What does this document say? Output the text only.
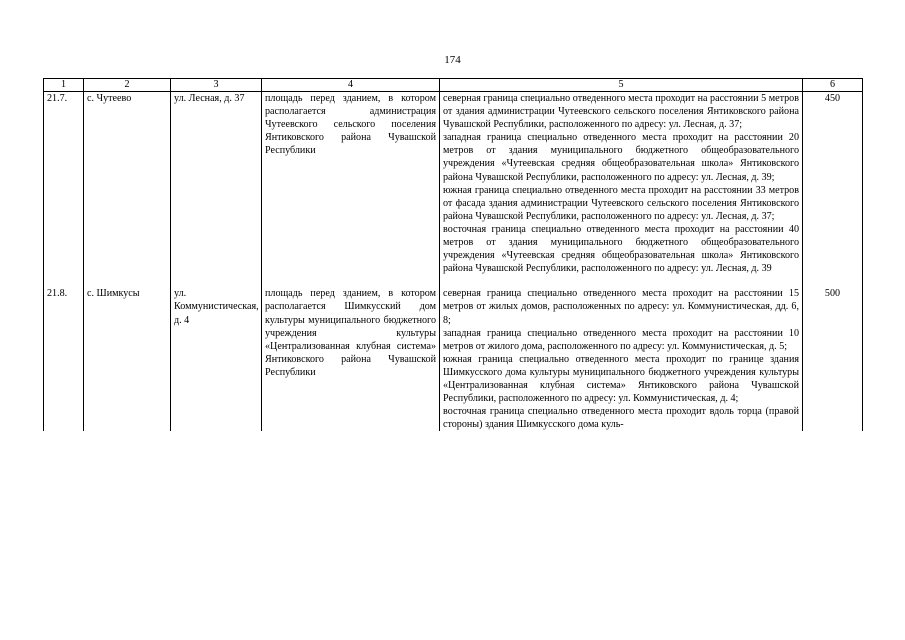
174
1	2	3	4	5	6
21.7.	с. Чутеево	ул. Лесная, д. 37	площадь перед зданием, в котором располагается администрация Чутеевского сельского поселения Янтиковского района Чувашской Республики	северная граница специально отведенного места проходит на расстоянии 5 метров от здания администрации Чутеевского сельского поселения Янтиковского района Чувашской Республики, расположенного по адресу: ул. Лесная, д. 37;
западная граница специально отведенного места проходит на расстоянии 20 метров от здания муниципального бюджетного общеобразовательного учреждения «Чутеевская средняя общеобразовательная школа» Янтиковского района Чувашской Республики, расположенного по адресу: ул. Лесная, д. 39;
южная граница специально отведенного места проходит на расстоянии 33 метров от фасада здания администрации Чутеевского сельского поселения Янтиковского района Чувашской Республики, расположенного по адресу: ул. Лесная, д. 37;
восточная граница специально отведенного места проходит на расстоянии 40 метров от здания муниципального бюджетного общеобразовательного учреждения «Чутеевская средняя общеобразовательная школа» Янтиковского района Чувашской Республики, расположенного по адресу: ул. Лесная, д. 39	450

21.8.	с. Шимкусы	ул. Коммунистическая, д. 4	площадь перед зданием, в котором располагается Шимкусский дом культуры муниципального бюджетного учреждения культуры «Централизованная клубная система» Янтиковского района Чувашской Республики	северная граница специально отведенного места проходит на расстоянии 15 метров от жилых домов, расположенных по адресу: ул. Коммунистическая, дд. 6, 8;
западная граница специально отведенного места проходит на расстоянии 10 метров от жилого дома, расположенного по адресу: ул. Коммунистическая, д. 5;
южная граница специально отведенного места проходит по границе здания Шимкусского дома культуры муниципального бюджетного учреждения культуры «Централизованная клубная система» Янтиковского района Чувашской Республики, расположенного по адресу: ул. Коммунистическая, д. 4;
восточная граница специально отведенного места проходит вдоль торца (правой стороны) здания Шимкусского дома куль-	500
